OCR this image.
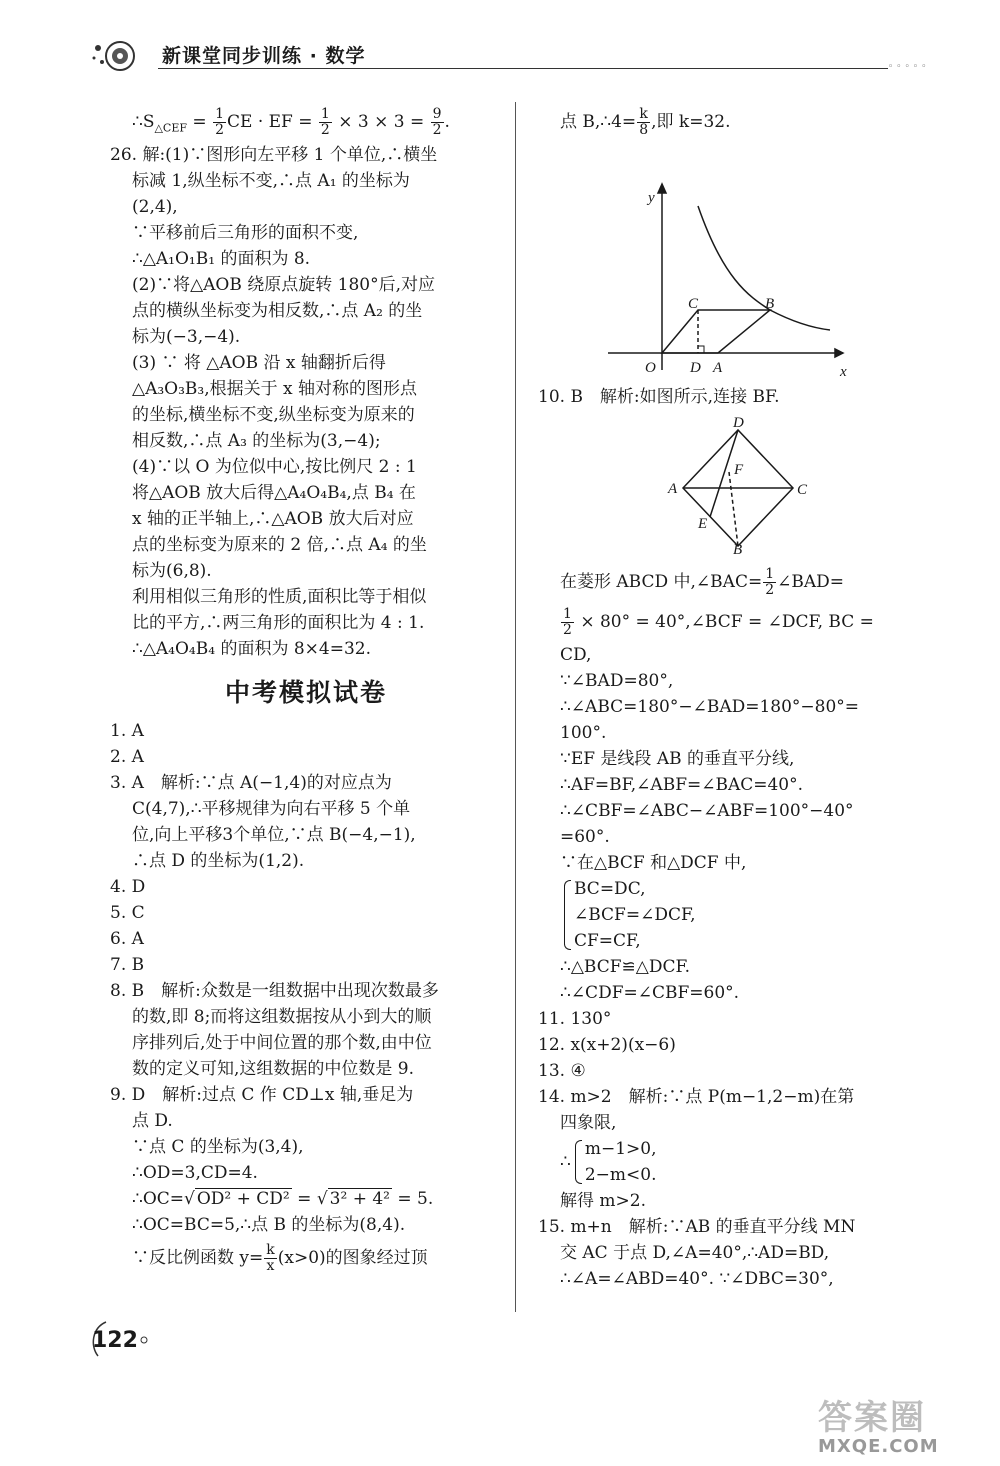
新课堂同步训练 · 数学	◦◦◦◦◦
$\therefore S_{\triangle CEF} = \frac{1}{2}$ CE · EF = $\frac{1}{2} \times 3 \times 3 = \frac{9}{2}$ .
26. 解:(1)∵图形向左平移 1 个单位,∴横坐
标减 1,纵坐标不变,∴点 A₁ 的坐标为
(2,4),
∵平移前后三角形的面积不变,
∴△A₁O₁B₁ 的面积为 8.
(2)∵将△AOB 绕原点旋转 180°后,对应
点的横纵坐标变为相反数,∴点 A₂ 的坐
标为(−3,−4).
(3) ∵ 将 △AOB 沿 x 轴翻折后得
△A₃O₃B₃,根据关于 x 轴对称的图形点
的坐标,横坐标不变,纵坐标变为原来的
相反数,∴点 A₃ 的坐标为(3,−4);
(4)∵以 O 为位似中心,按比例尺 2 : 1
将△AOB 放大后得△A₄O₄B₄,点 B₄ 在
x 轴的正半轴上,∴△AOB 放大后对应
点的坐标变为原来的 2 倍,∴点 A₄ 的坐
标为(6,8).
利用相似三角形的性质,面积比等于相似
比的平方,∴两三角形的面积比为 4 : 1.
∴△A₄O₄B₄ 的面积为 8×4=32.
中考模拟试卷
1. A
2. A
3. A　解析:∵点 A(−1,4)的对应点为
C(4,7),∴平移规律为向右平移 5 个单
位,向上平移3个单位,∵点 B(−4,−1),
∴点 D 的坐标为(1,2).
4. D
5. C
6. A
7. B
8. B　解析:众数是一组数据中出现次数最多
的数,即 8;而将这组数据按从小到大的顺
序排列后,处于中间位置的那个数,由中位
数的定义可知,这组数据的中位数是 9.
9. D　解析:过点 C 作 CD⊥x 轴,垂足为
点 D.
∵点 C 的坐标为(3,4),
∴OD=3,CD=4.
∴OC=√ OD² + CD² = √ 3² + 4² = 5.
∴OC=BC=5,∴点 B 的坐标为(8,4).
∵反比例函数 $y= \frac{k}{x} (x>0)$的图象经过顶
点 B,∴4= $\frac{k}{8}$ ,即 k=32.
y
x
O D A
C	B
10. B　解析:如图所示,连接 BF.
A
B
C
D
E
F
在菱形 ABCD 中,∠BAC= $\frac{1}{2}$ ∠BAD=
$\frac{1}{2} \times 80^\circ$ = 40°,∠BCF = ∠DCF, BC =
CD,
∵∠BAD=80°,
∴∠ABC=180°−∠BAD=180°−80°=
100°.
∵EF 是线段 AB 的垂直平分线,
∴AF=BF,∠ABF=∠BAC=40°.
∴∠CBF=∠ABC−∠ABF=100°−40°
=60°.
∵在△BCF 和△DCF 中,
BC=DC,
∠BCF=∠DCF,
CF=CF,
∴△BCF≌△DCF.
∴∠CDF=∠CBF=60°.
11. 130°
12. x(x+2)(x−6)
13. ④
14. m>2　解析:∵点 P(m−1,2−m)在第
四象限,
∴
m−1>0,
2−m<0.
解得 m>2.
15. m+n　解析:∵AB 的垂直平分线 MN
交 AC 于点 D,∠A=40°,∴AD=BD,
∴∠A=∠ABD=40°. ∵∠DBC=30°,
122
答案圈
MXQE.COM
